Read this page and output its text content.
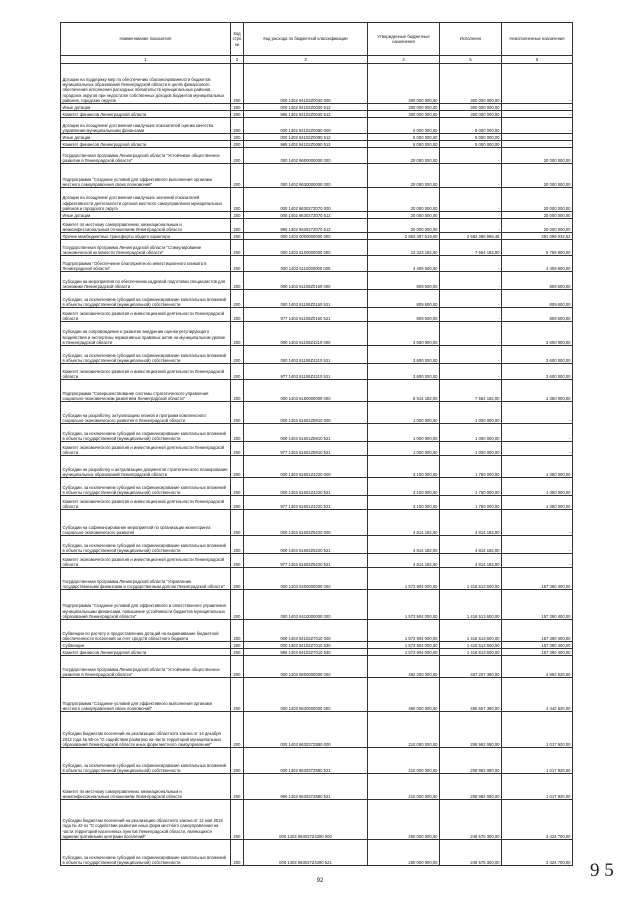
Наименование показателя	Код стро ки	Код расхода по бюджетной классификации	Утвержденные бюджетные назначения	Исполнено	Неисполненные назначения
1	2	3	4	5	6
Дотации на поддержку мер по обеспечению сбалансированности бюджетов муниципальных образований Ленинградской области в целях финансового обеспечения исполнения расходных обязательств муниципальных районов, городских округов при недостатке собственных доходов бюджетов муниципальных районов, городских округов	200	000 1402 64102Z0040 000	300 000 000,00	300 000 000,00	-
Иные дотации	200	000 1402 64102Z0040 512	300 000 000,00	300 000 000,00	-
Комитет финансов Ленинградской области	200	985 1402 64102Z0040 512	300 000 000,00	300 000 000,00	-
Дотации на поощрение достижения наилучших показателей оценки качества управления муниципальными финансами	200	000 1402 64102Z0080 000	5 000 000,00	5 000 000,00	-
Иные дотации	200	000 1402 64102Z0080 512	5 000 000,00	5 000 000,00	-
Комитет финансов Ленинградской области	200	985 1402 64102Z0080 512	5 000 000,00	5 000 000,00	-
Государственная программа Ленинградской области "Устойчивое общественное развитие в Ленинградской области"	200	000 1402 6600000000 000	20 000 000,00	-	20 000 000,00
Подпрограмма "Создание условий для эффективного выполнения органами местного самоуправления своих полномочий"	200	000 1402 6630000000 000	20 000 000,00	-	20 000 000,00
Дотации на поощрение достижения наилучших значений показателей эффективности деятельности органов местного самоуправления муниципальных районов и городского округа	200	000 1402 663027Z070 000	20 000 000,00	-	20 000 000,00
Иные дотации	200	000 1402 663027Z070 512	20 000 000,00	-	20 000 000,00
Комитет по местному самоуправлению, межнациональным и межконфессиональным отношениям Ленинградской области	200	990 1402 663027Z070 512	20 000 000,00	-	20 000 000,00
Прочие межбюджетные трансферты общего характера	200	000 1403 0000000000 000	2 853 487 519,00	2 562 386 986,48	291 099 032,52
Государственная программа Ленинградской области "Стимулирование экономической активности Ленинградской области"	200	000 1403 6100000000 000	13 323 182,00	7 564 182,00	5 759 800,00
Подпрограмма "Обеспечение благоприятного инвестиционного климата в Ленинградской области"	200	000 1403 6110000000 000	4 409 600,00	-	4 409 600,00
Субсидии на мероприятия по обеспечению кадровой подготовки специалистов для экономики Ленинградской области	200	000 1403 61108Z0150 000	809 600,00	-	809 600,00
Субсидии, за исключением субсидий на софинансирование капитальных вложений в объекты государственной (муниципальной) собственности	200	000 1403 61108Z0150 521	809 600,00	-	809 600,00
Комитет экономического развития и инвестиционной деятельности Ленинградской области	200	977 1403 61108Z0150 521	809 600,00	-	809 600,00
Субсидии на сопровождение и развитие внедрения оценки регулирующего воздействия и экспертизы нормативных правовых актов на муниципальном уровне в Ленинградской области	200	000 1403 61108Z4210 000	3 600 000,00	-	3 600 000,00
Субсидии, за исключением субсидий на софинансирование капитальных вложений в объекты государственной (муниципальной) собственности	200	000 1403 61108Z4210 521	3 600 000,00	-	3 600 000,00
Комитет экономического развития и инвестиционной деятельности Ленинградской области	200	977 1403 61108Z4210 521	3 600 000,00	-	3 600 000,00
Подпрограмма "Совершенствование системы стратегического управления социально-экономическим развитием Ленинградской области"	200	000 1403 6160000000 000	8 914 182,00	7 564 182,00	1 350 000,00
Субсидии на разработку, актуализацию планов и программ комплексного социально-экономического развития в Ленинградской области	200	000 1403 61601Z8910 000	1 000 000,00	1 000 000,00	-
Субсидии, за исключением субсидий на софинансирование капитальных вложений в объекты государственной (муниципальной) собственности	200	000 1403 61601Z8910 521	1 000 000,00	1 000 000,00	-
Комитет экономического развития и инвестиционной деятельности Ленинградской области	200	977 1403 61601Z8910 521	1 000 000,00	1 000 000,00	-
Субсидии на разработку и актуализацию документов стратегического планирования муниципальных образований Ленинградской области	200	000 1403 61601Z4220 000	3 100 000,00	1 750 000,00	1 350 000,00
Субсидии, за исключением субсидий на софинансирование капитальных вложений в объекты государственной (муниципальной) собственности	200	000 1403 61601Z4220 521	3 100 000,00	1 750 000,00	1 350 000,00
Комитет экономического развития и инвестиционной деятельности Ленинградской области	200	977 1403 61601Z4220 521	3 100 000,00	1 750 000,00	1 350 000,00
Субсидии на софинансирование мероприятий по организации мониторинга социально-экономического развития	200	000 1403 61602Z9220 000	4 814 182,00	4 814 182,00	-
Субсидии, за исключением субсидий на софинансирование капитальных вложений в объекты государственной (муниципальной) собственности	200	000 1403 61602Z9220 521	4 814 182,00	4 814 182,00	-
Комитет экономического развития и инвестиционной деятельности Ленинградской области	200	977 1403 61602Z9220 521	4 814 182,00	4 814 182,00	-
Государственная программа Ленинградской области "Управление государственными финансами и государственным долгом Ленинградской области"	200	000 1403 6400000000 000	1 573 904 000,00	1 416 513 600,00	157 390 400,00
Подпрограмма "Создание условий для эффективного и ответственного управления муниципальными финансами, повышение устойчивости бюджетов муниципальных образований Ленинградской области"	200	000 1403 6410000000 000	1 573 904 000,00	1 416 513 600,00	157 390 400,00
Субвенции по расчету и предоставлению дотаций на выравнивание бюджетной обеспеченности поселений за счет средств областного бюджета	200	000 1403 64102Z7010 000	1 573 904 000,00	1 416 513 600,00	157 390 400,00
Субвенции	200	000 1403 64102Z7010 530	1 573 904 000,00	1 416 513 600,00	157 390 400,00
Комитет финансов Ленинградской области	200	985 1403 64102Z7010 530	1 573 904 000,00	1 416 513 600,00	157 390 400,00
Государственная программа Ленинградской области "Устойчивое общественное развитие в Ленинградской области"	200	000 1403 6600000000 000	462 200 000,00	457 207 380,00	4 992 620,00
Подпрограмма "Создание условий для эффективного выполнения органами местного самоуправления своих полномочий"	200	000 1403 6630000000 000	460 000 000,00	455 557 380,00	4 442 620,00
Субсидии бюджетам поселений на реализацию областного закона от 14 декабря 2012 года № 95-оз "О содействии развитию на части территорий муниципальных образований Ленинградской области иных форм местного самоуправления"	200	000 1403 663037Z880 000	210 000 000,00	208 982 080,00	1 017 920,00
Субсидии, за исключением субсидий на софинансирование капитальных вложений в объекты государственной (муниципальной) собственности	200	000 1403 663037Z880 521	210 000 000,00	208 982 080,00	1 017 920,00
Комитет по местному самоуправлению, межнациональным и межконфессиональным отношениям Ленинградской области	200	990 1403 663037Z880 521	210 000 000,00	208 982 080,00	1 017 920,00
Субсидии бюджетам поселений на реализацию областного закона от 12 мая 2015 года № 42-оз "О содействии развитию иных форм местного самоуправления на части территорий населенных пунктов Ленинградской области, являющихся административными центрами поселений"	200	000 1403 663037Z4390 000	250 000 000,00	246 575 300,00	3 424 700,00
Субсидии, за исключением субсидий на софинансирование капитальных вложений в объекты государственной (муниципальной) собственности	200	000 1403 663037Z4390 521	250 000 000,00	246 575 300,00	3 424 700,00
92	9 5
